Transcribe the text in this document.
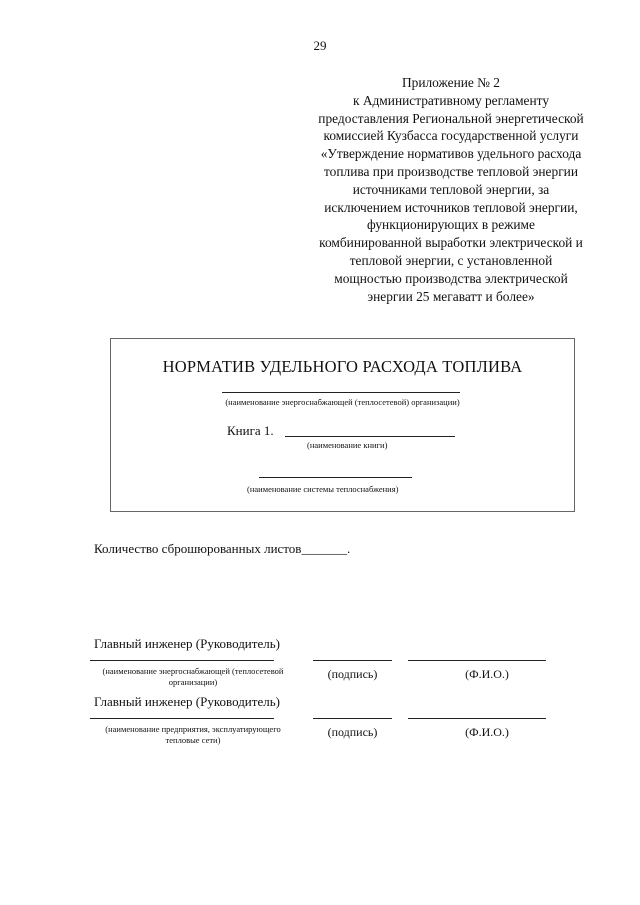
29
Приложение № 2
к Административному регламенту
предоставления Региональной энергетической
комиссией Кузбасса государственной услуги
«Утверждение нормативов удельного расхода
топлива при производстве тепловой энергии
источниками тепловой энергии, за
исключением источников тепловой энергии,
функционирующих в режиме
комбинированной выработки электрической и
тепловой энергии, с установленной
мощностью производства электрической
энергии 25 мегаватт и более»
НОРМАТИВ УДЕЛЬНОГО РАСХОДА ТОПЛИВА
(наименование энергоснабжающей (теплосетевой) организации)
Книга 1.
(наименование книги)
(наименование системы теплоснабжения)
Количество сброшюрованных листов_______.
Главный инженер (Руководитель)
(наименование энергоснабжающей (теплосетевой
организации)
(подпись)	(Ф.И.О.)
Главный инженер (Руководитель)
(наименование предприятия, эксплуатирующего
тепловые сети)
(подпись)	(Ф.И.О.)
